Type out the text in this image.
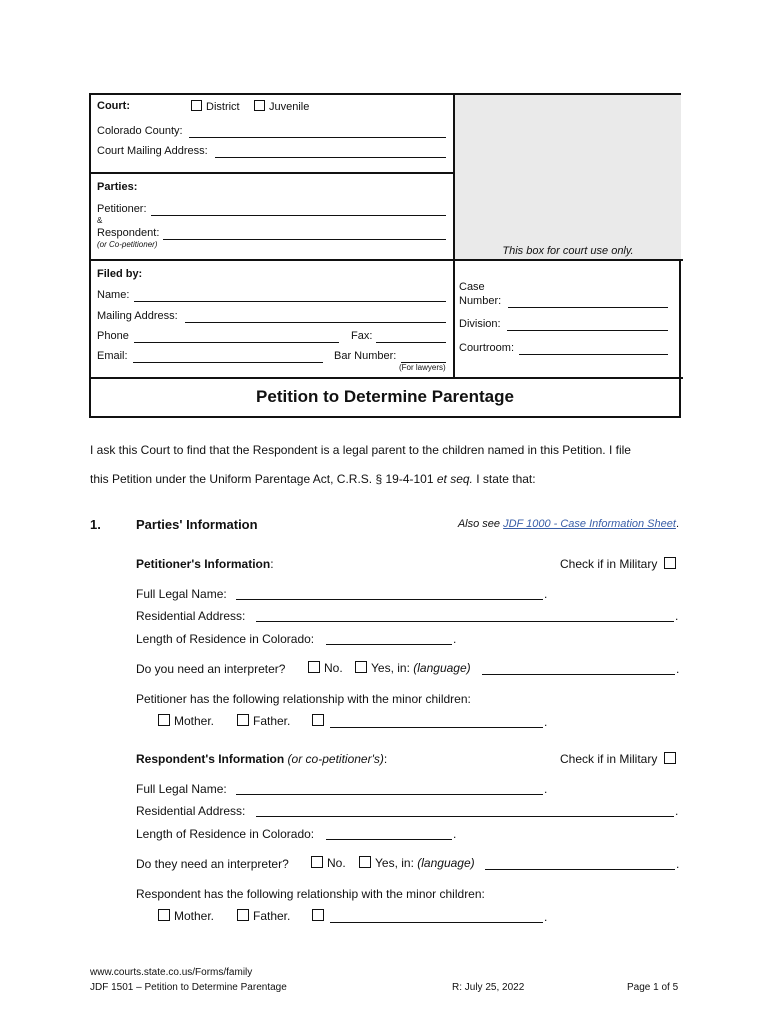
This box for court use only.
Court:	District	Juvenile
Colorado County:
Court Mailing Address:
Parties:
Petitioner:
&
Respondent:
(or Co-petitioner)
Filed by:
Name:
Mailing Address:
Phone	Fax:
Email:	Bar Number:
(For lawyers)
Case
Number:
Division:
Courtroom:
Petition to Determine Parentage
I ask this Court to find that the Respondent is a legal parent to the children named in this Petition. I file
this Petition under the Uniform Parentage Act, C.R.S. § 19-4-101 et seq. I state that:
1.	Parties' Information	Also see JDF 1000 - Case Information Sheet.
Petitioner's Information:	Check if in Military
Full Legal Name:	.
Residential Address:	.
Length of Residence in Colorado:	.
Do you need an interpreter?	No.	Yes, in: (language)	.
Petitioner has the following relationship with the minor children:
Mother.	Father.	.
Respondent's Information (or co-petitioner's):	Check if in Military
Full Legal Name:	.
Residential Address:	.
Length of Residence in Colorado:	.
Do they need an interpreter?	No.	Yes, in: (language)	.
Respondent has the following relationship with the minor children:
Mother.	Father.	.
www.courts.state.co.us/Forms/family
JDF 1501 – Petition to Determine Parentage	R: July 25, 2022	Page 1 of 5
